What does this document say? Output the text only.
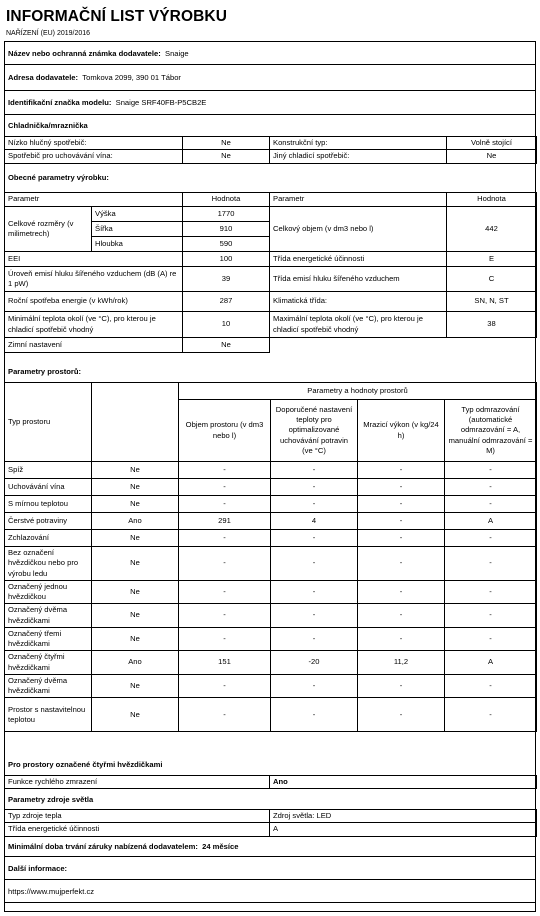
INFORMAČNÍ LIST VÝROBKU
NAŘÍZENÍ (EU) 2019/2016
Název nebo ochranná známka dodavatele:
Snaige
Adresa dodavatele:
Tomkova 2099, 390 01 Tábor
Identifikační značka modelu:
Snaige SRF40FB-P5CB2E
Chladnička/mraznička
Nízko hlučný spotřebič:	Ne	Konstrukční typ:	Volně stojící
Spotřebič pro uchovávání vína:	Ne	Jiný chladicí spotřebič:	Ne
Obecné parametry výrobku:
Parametr		Hodnota	Parametr	Hodnota
Celkové rozměry (v milimetrech)	Výška	1770	Celkový objem (v dm3 nebo l)	442
	Šířka	910		
	Hloubka	590		
EEI		100	Třída energetické účinnosti	E
Úroveň emisí hluku šířeného vzduchem (dB (A) re 1 pW)		39	Třída emisí hluku šířeného vzduchem	C
Roční spotřeba energie (v kWh/rok)		287	Klimatická třída:	SN, N, ST
Minimální teplota okolí (ve °C), pro kterou je chladicí spotřebič vhodný		10	Maximální teplota okolí (ve °C), pro kterou je chladicí spotřebič vhodný	38
Zimní nastavení		Ne		
Parametry prostorů:
Typ prostoru		Parametry a hodnoty prostorů			
		Objem prostoru (v dm3 nebo l)	Doporučené nastavení teploty pro optimalizované uchovávání potravin (ve °C)	Mrazicí výkon (v kg/24 h)	Typ odmrazování (automatické odmrazování = A, manuální odmrazování = M)
Spíž	Ne	-	-	-	-
Uchovávání vína	Ne	-	-	-	-
S mírnou teplotou	Ne	-	-	-	-
Čerstvé potraviny	Ano	291	4	-	A
Zchlazování	Ne	-	-	-	-
Bez označení hvězdičkou nebo pro výrobu ledu	Ne	-	-	-	-
Označený jednou hvězdičkou	Ne	-	-	-	-
Označený dvěma hvězdičkami	Ne	-	-	-	-
Označený třemi hvězdičkami	Ne	-	-	-	-
Označený čtyřmi hvězdičkami	Ano	151	-20	11,2	A
Označený dvěma hvězdičkami	Ne	-	-	-	-
Prostor s nastavitelnou teplotou	Ne	-	-	-	-
Pro prostory označené čtyřmi hvězdičkami
Funkce rychlého zmrazení	Ano
Parametry zdroje světla
Typ zdroje tepla	Zdroj světla: LED
Třída energetické účinnosti	A
Minimální doba trvání záruky nabízená dodavatelem:
24 měsíce
Další informace:
https://www.mujperfekt.cz
